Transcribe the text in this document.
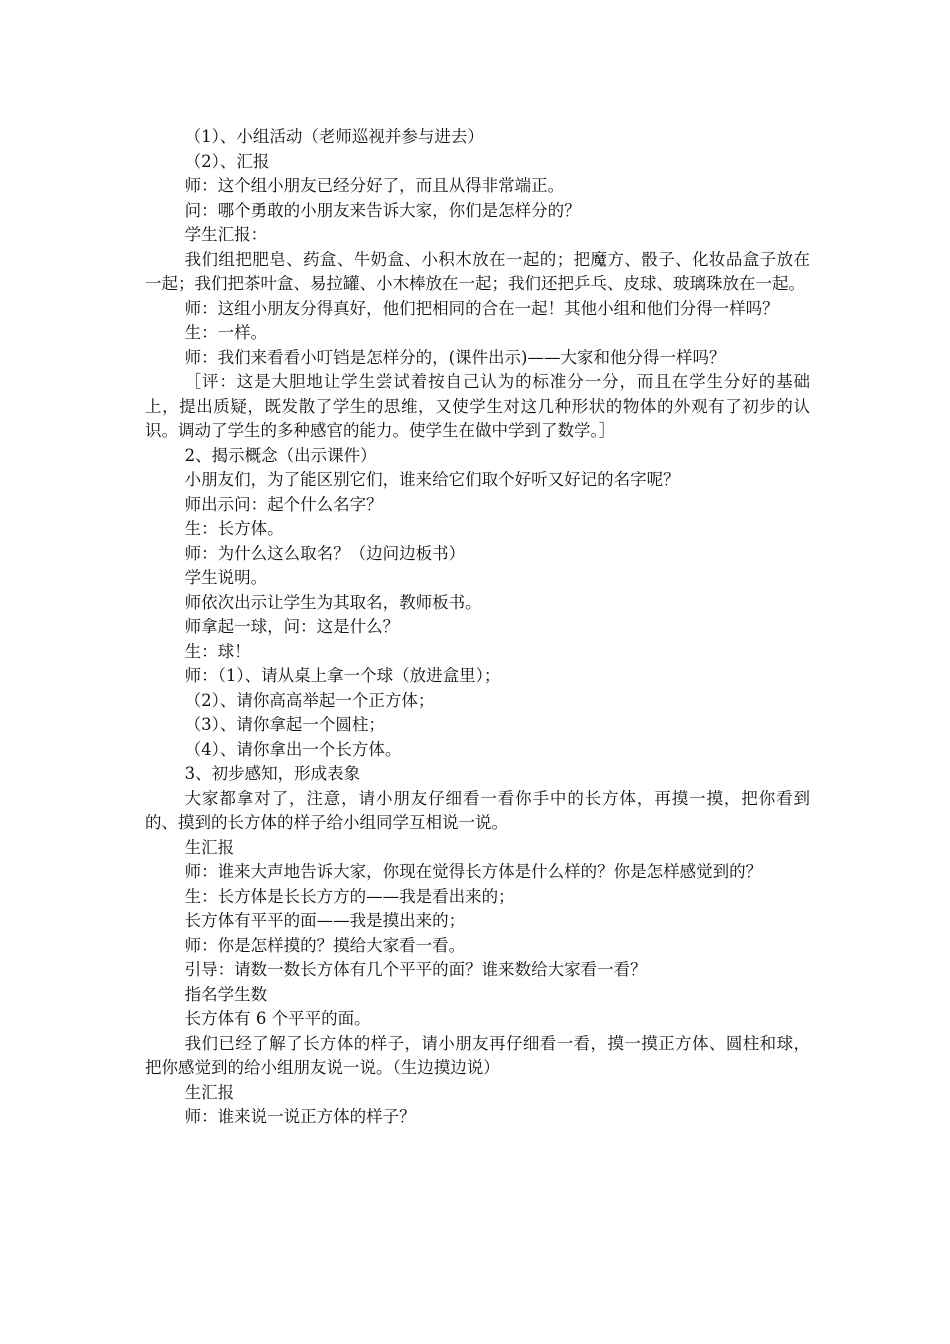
（1）、小组活动（老师巡视并参与进去）

（2）、汇报

师：这个组小朋友已经分好了，而且从得非常端正。

问：哪个勇敢的小朋友来告诉大家，你们是怎样分的？

学生汇报：

我们组把肥皂、药盒、牛奶盒、小积木放在一起的；把魔方、骰子、化妆品盒子放在一起；我们把茶叶盒、易拉罐、小木棒放在一起；我们还把乒乓、皮球、玻璃珠放在一起。

师：这组小朋友分得真好，他们把相同的合在一起！其他小组和他们分得一样吗？

生：一样。

师：我们来看看小叮铛是怎样分的，(课件出示)——大家和他分得一样吗？

［评：这是大胆地让学生尝试着按自己认为的标准分一分，而且在学生分好的基础上，提出质疑，既发散了学生的思维，又使学生对这几种形状的物体的外观有了初步的认识。调动了学生的多种感官的能力。使学生在做中学到了数学。］

2、揭示概念（出示课件）

小朋友们，为了能区别它们，谁来给它们取个好听又好记的名字呢？

师出示问：起个什么名字？

生：长方体。

师：为什么这么取名？（边问边板书）

学生说明。

师依次出示让学生为其取名，教师板书。

师拿起一球，问：这是什么？

生：球！

师：（1）、请从桌上拿一个球（放进盒里）；

（2）、请你高高举起一个正方体；

（3）、请你拿起一个圆柱；

（4）、请你拿出一个长方体。

3、初步感知，形成表象

大家都拿对了，注意，请小朋友仔细看一看你手中的长方体，再摸一摸，把你看到的、摸到的长方体的样子给小组同学互相说一说。

生汇报

师：谁来大声地告诉大家，你现在觉得长方体是什么样的？你是怎样感觉到的？

生：长方体是长长方方的——我是看出来的；

长方体有平平的面——我是摸出来的；

师：你是怎样摸的？摸给大家看一看。

引导：请数一数长方体有几个平平的面？谁来数给大家看一看？

指名学生数

长方体有 6 个平平的面。

我们已经了解了长方体的样子，请小朋友再仔细看一看，摸一摸正方体、圆柱和球，把你感觉到的给小组朋友说一说。（生边摸边说）

生汇报

师：谁来说一说正方体的样子？
